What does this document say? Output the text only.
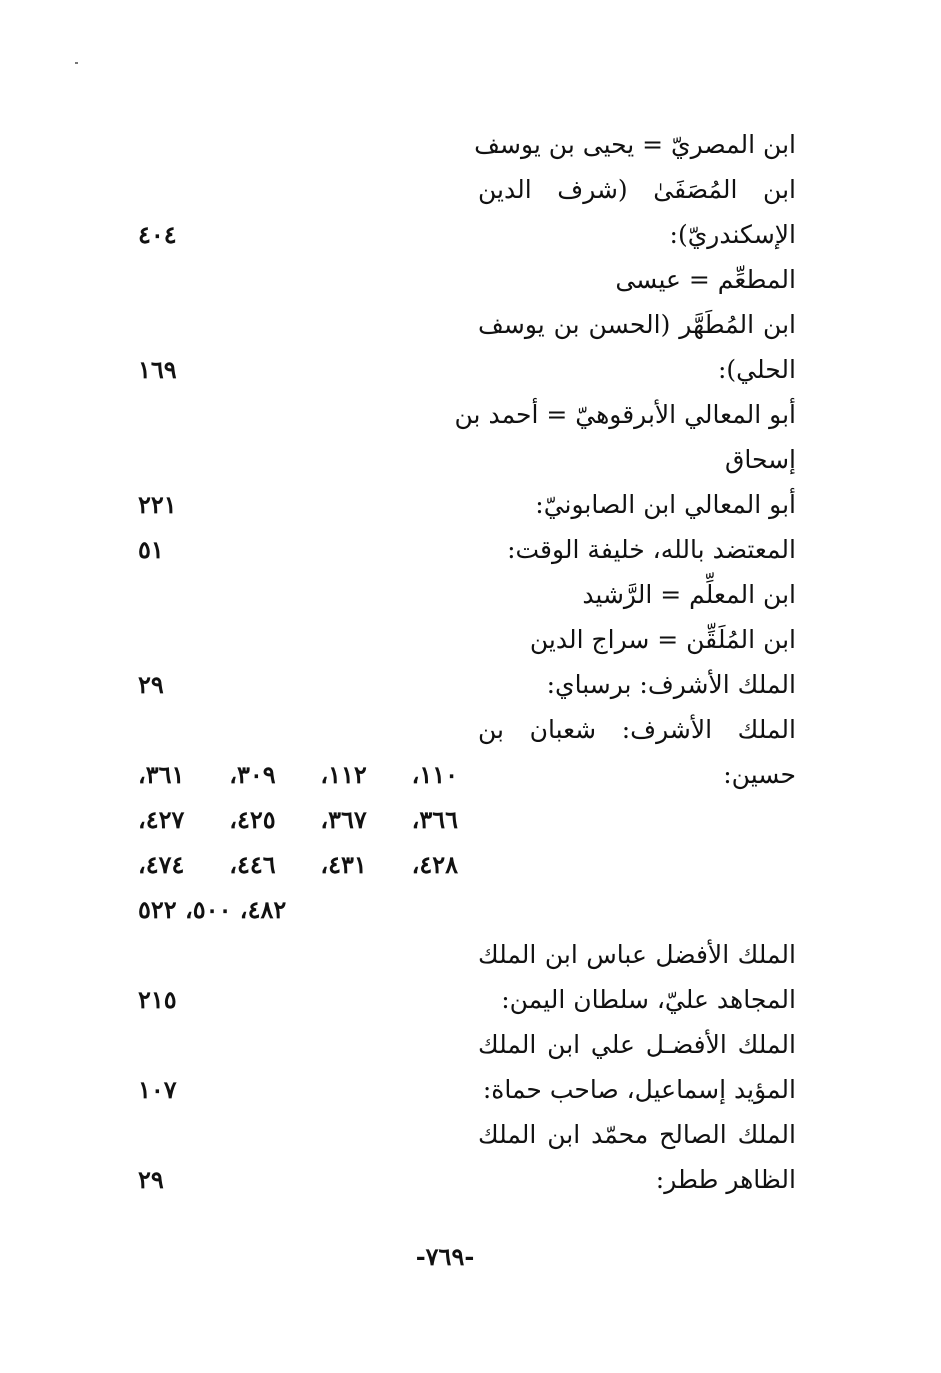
ابن المصريّ = يحيى بن يوسف
ابن المُصَفَىٰ (شرف الدين
الإسكندريّ):
٤٠٤
المطعِّم = عيسى
ابن المُطَهَّر (الحسن بن يوسف
الحلي):
١٦٩
أبو المعالي الأبرقوهيّ = أحمد بن
إسحاق
أبو المعالي ابن الصابونيّ:
٢٢١
المعتضد بالله، خليفة الوقت:
٥١
ابن المعلِّم = الرَّشيد
ابن المُلَقِّن = سراج الدين
الملك الأشرف: برسباي:
٢٩
الملك الأشرف: شعبان بن
حسين:
١١٠، ١١٢، ٣٠٩، ٣٦١،
٣٦٦، ٣٦٧، ٤٢٥، ٤٢٧،
٤٢٨، ٤٣١، ٤٤٦، ٤٧٤،
٤٨٢، ٥٠٠، ٥٢٢
الملك الأفضل عباس ابن الملك
المجاهد عليّ، سلطان اليمن:
٢١٥
الملك الأفضـل علي ابن الملك
المؤيد إسماعيل، صاحب حماة:
١٠٧
الملك الصالح محمّد ابن الملك
الظاهر ططر:
٢٩
-٧٦٩-
